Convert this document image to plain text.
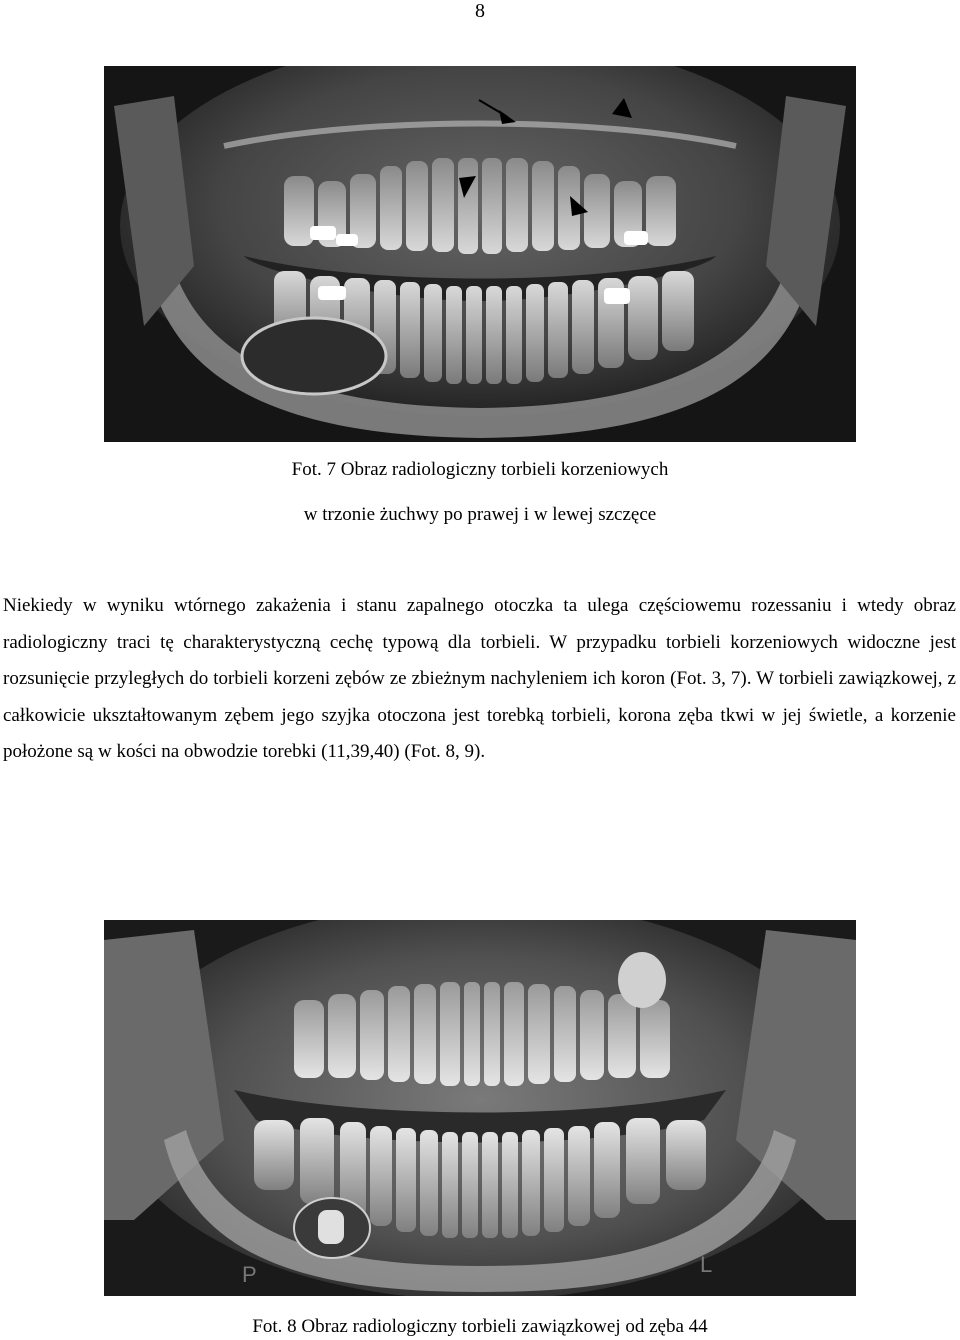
8

Fot. 7 Obraz radiologiczny torbieli korzeniowych

w trzonie żuchwy po prawej i w lewej szczęce

Niekiedy w wyniku wtórnego zakażenia i stanu zapalnego otoczka ta ulega częściowemu rozessaniu i wtedy obraz radiologiczny traci tę charakterystyczną cechę typową dla torbieli. W przypadku torbieli korzeniowych widoczne jest rozsunięcie przyległych do torbieli korzeni zębów ze zbieżnym nachyleniem ich koron (Fot. 3, 7). W torbieli zawiązkowej, z całkowicie ukształtowanym zębem jego szyjka otoczona jest torebką torbieli, korona zęba tkwi w jej świetle, a korzenie położone są w kości na obwodzie torebki (11,39,40) (Fot. 8, 9).

P	L

Fot. 8 Obraz radiologiczny torbieli zawiązkowej od zęba 44
